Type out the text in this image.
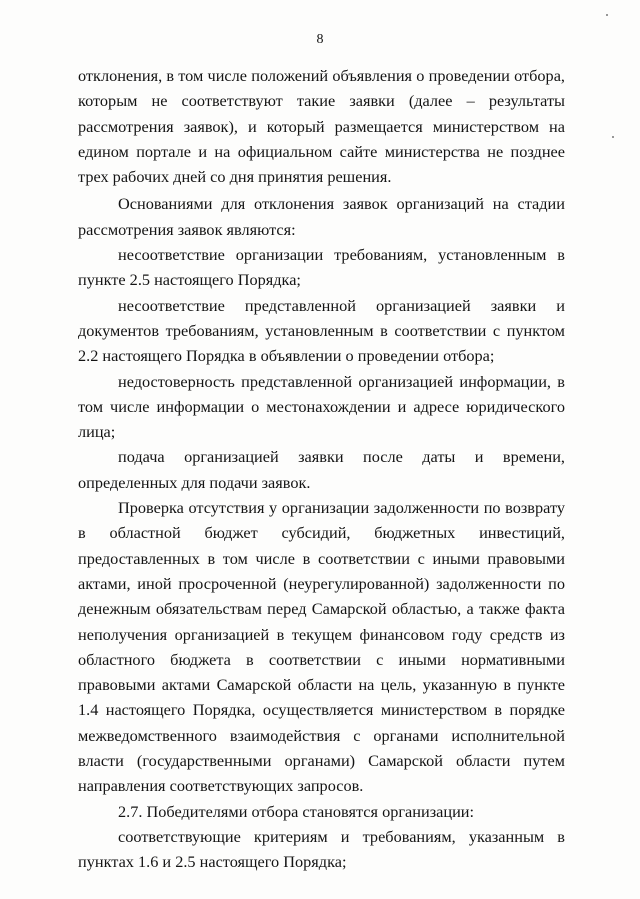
8

отклонения, в том числе положений объявления о проведении отбора, которым не соответствуют такие заявки (далее – результаты рассмотрения заявок), и который размещается министерством на едином портале и на официальном сайте министерства не позднее трех рабочих дней со дня принятия решения.

Основаниями для отклонения заявок организаций на стадии рассмотрения заявок являются:

несоответствие организации требованиям, установленным в пункте 2.5 настоящего Порядка;

несоответствие представленной организацией заявки и документов требованиям, установленным в соответствии с пунктом 2.2 настоящего Порядка в объявлении о проведении отбора;

недостоверность представленной организацией информации, в том числе информации о местонахождении и адресе юридического лица;

подача организацией заявки после даты и времени, определенных для подачи заявок.

Проверка отсутствия у организации задолженности по возврату в областной бюджет субсидий, бюджетных инвестиций, предоставленных в том числе в соответствии с иными правовыми актами, иной просроченной (неурегулированной) задолженности по денежным обязательствам перед Самарской областью, а также факта неполучения организацией в текущем финансовом году средств из областного бюджета в соответствии с иными нормативными правовыми актами Самарской области на цель, указанную в пункте 1.4 настоящего Порядка, осуществляется министерством в порядке межведомственного взаимодействия с органами исполнительной власти (государственными органами) Самарской области путем направления соответствующих запросов.

2.7. Победителями отбора становятся организации:

соответствующие критериям и требованиям, указанным в пунктах 1.6 и 2.5 настоящего Порядка;
